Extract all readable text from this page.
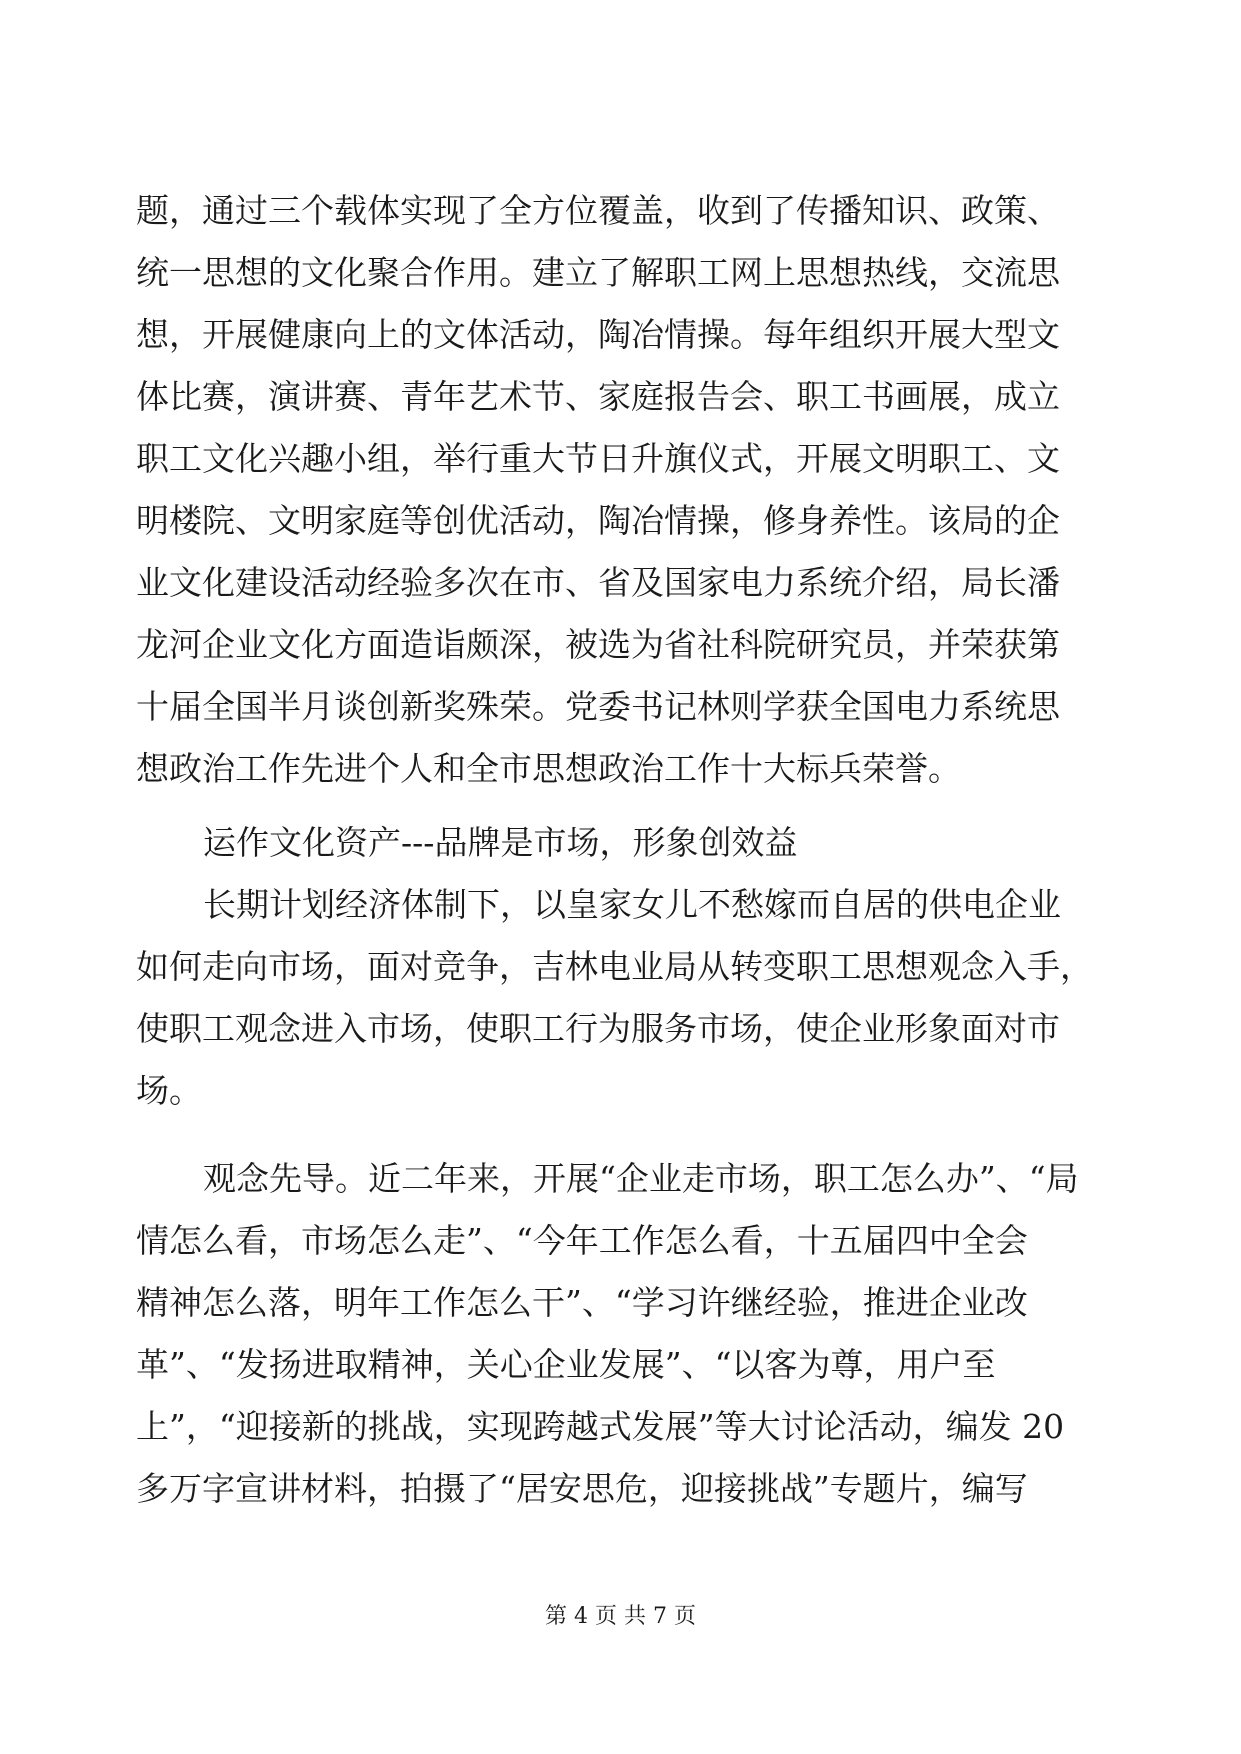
题，通过三个载体实现了全方位覆盖，收到了传播知识、政策、
统一思想的文化聚合作用。建立了解职工网上思想热线，交流思
想，开展健康向上的文体活动，陶冶情操。每年组织开展大型文
体比赛，演讲赛、青年艺术节、家庭报告会、职工书画展，成立
职工文化兴趣小组，举行重大节日升旗仪式，开展文明职工、文
明楼院、文明家庭等创优活动，陶冶情操，修身养性。该局的企
业文化建设活动经验多次在市、省及国家电力系统介绍，局长潘
龙河企业文化方面造诣颇深，被选为省社科院研究员，并荣获第
十届全国半月谈创新奖殊荣。党委书记林则学获全国电力系统思
想政治工作先进个人和全市思想政治工作十大标兵荣誉。
运作文化资产---品牌是市场，形象创效益
长期计划经济体制下，以皇家女儿不愁嫁而自居的供电企业
如何走向市场，面对竞争，吉林电业局从转变职工思想观念入手，
使职工观念进入市场，使职工行为服务市场，使企业形象面对市
场。
观念先导。近二年来，开展“企业走市场，职工怎么办”、“局
情怎么看，市场怎么走”、“今年工作怎么看，十五届四中全会
精神怎么落，明年工作怎么干”、“学习许继经验，推进企业改
革”、“发扬进取精神，关心企业发展”、“以客为尊，用户至
上”，“迎接新的挑战，实现跨越式发展”等大讨论活动，编发 20
多万字宣讲材料，拍摄了“居安思危，迎接挑战”专题片，编写
第 4 页 共 7 页
